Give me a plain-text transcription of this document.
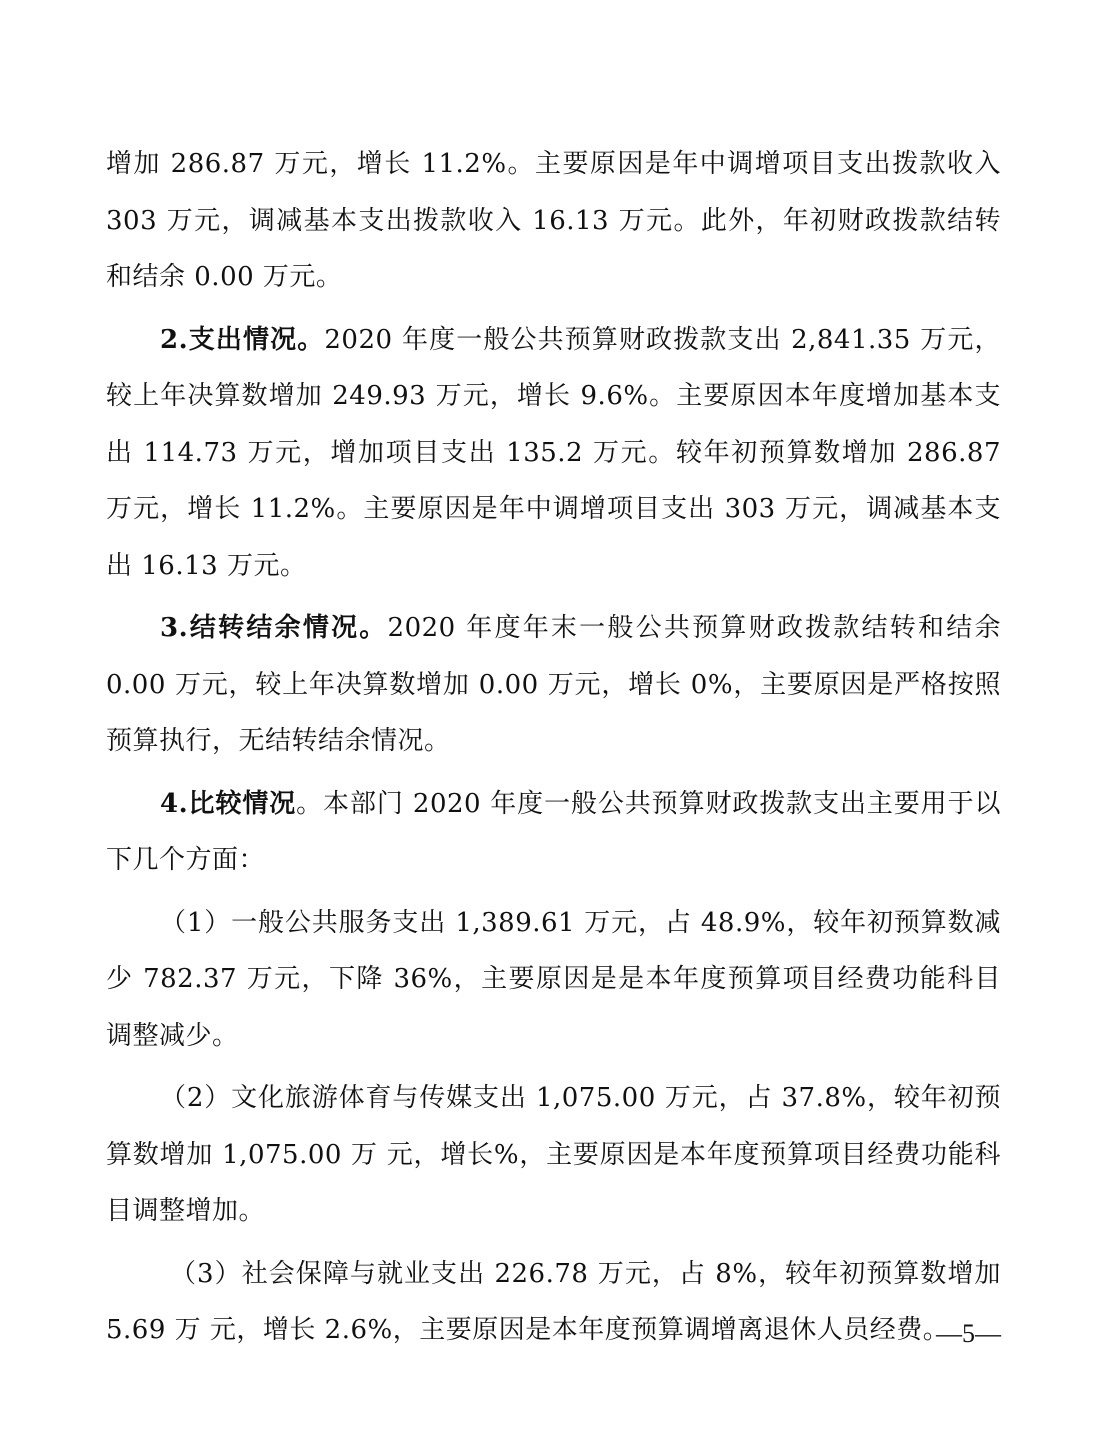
增加 286.87 万元，增长 11.2%。主要原因是年中调增项目支出拨款收入 303 万元，调减基本支出拨款收入 16.13 万元。此外，年初财政拨款结转和结余 0.00 万元。

2.支出情况。2020 年度一般公共预算财政拨款支出 2,841.35 万元，较上年决算数增加 249.93 万元，增长 9.6%。主要原因本年度增加基本支出 114.73 万元，增加项目支出 135.2 万元。较年初预算数增加 286.87 万元，增长 11.2%。主要原因是年中调增项目支出 303 万元，调减基本支出 16.13 万元。

3.结转结余情况。2020 年度年末一般公共预算财政拨款结转和结余 0.00 万元，较上年决算数增加 0.00 万元，增长 0%，主要原因是严格按照预算执行，无结转结余情况。

4.比较情况。本部门 2020 年度一般公共预算财政拨款支出主要用于以下几个方面：

（1）一般公共服务支出 1,389.61 万元，占 48.9%，较年初预算数减少 782.37 万元，下降 36%，主要原因是是本年度预算项目经费功能科目调整减少。

（2）文化旅游体育与传媒支出 1,075.00 万元，占 37.8%，较年初预算数增加 1,075.00 万 元，增长%，主要原因是本年度预算项目经费功能科目调整增加。

（3）社会保障与就业支出 226.78 万元，占 8%，较年初预算数增加 5.69 万 元，增长 2.6%，主要原因是本年度预算调增离退休人员经费。

—5—
